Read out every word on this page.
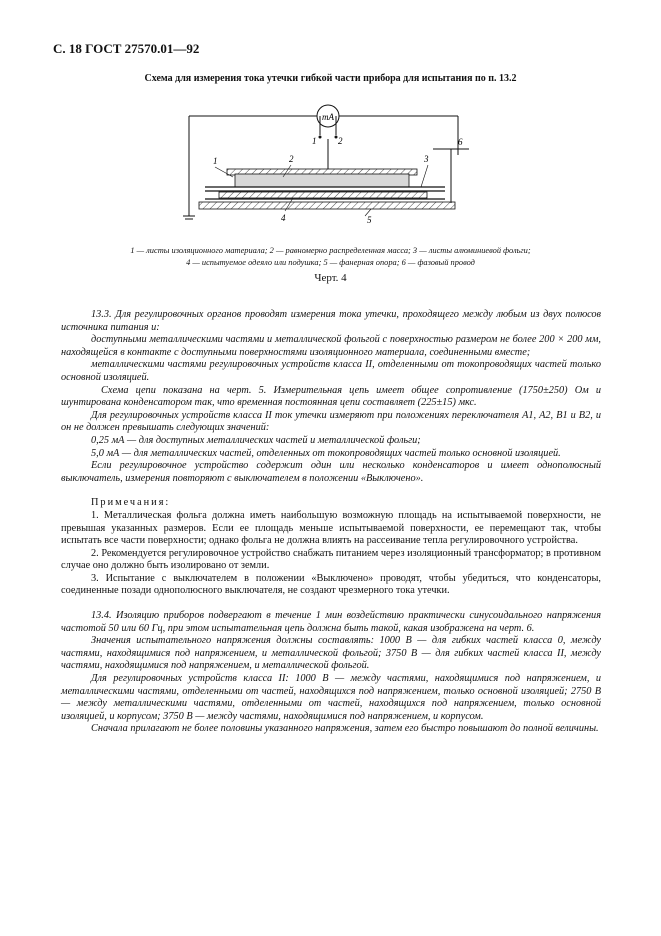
С. 18 ГОСТ 27570.01—92
Схема для измерения тока утечки гибкой части прибора для испытания по п. 13.2
mA
1 2	6
1	2	3
4	5
1 — листы изоляционного материала; 2 — равномерно распределенная масса; 3 — листы алюминиевой фольги;
4 — испытуемое одеяло или подушка; 5 — фанерная опора; 6 — фазовый провод
Черт. 4

13.3. Для регулировочных органов проводят измерения тока утечки, проходящего между любым из двух полюсов источника питания и:

доступными металлическими частями и металлической фольгой с поверхностью размером не более 200 × 200 мм, находящейся в контакте с доступными поверхностями изоляционного материала, соединенными вместе;

металлическими частями регулировочных устройств класса II, отделенными от токопроводящих частей только основной изоляцией.

Схема цепи показана на черт. 5. Измерительная цепь имеет общее сопротивление (1750±250) Ом и шунтирована конденсатором так, что временная постоянная цепи составляет (225±15) мкс.

Для регулировочных устройств класса II ток утечки измеряют при положениях переключателя А1, А2, В1 и В2, и он не должен превышать следующих значений:

0,25 мА — для доступных металлических частей и металлической фольги;

5,0 мА — для металлических частей, отделенных от токопроводящих частей только основной изоляцией.

Если регулировочное устройство содержит один или несколько конденсаторов и имеет однополюсный выключатель, измерения повторяют с выключателем в положении «Выключено».

Примечания:

1. Металлическая фольга должна иметь наибольшую возможную площадь на испытываемой поверхности, не превышая указанных размеров. Если ее площадь меньше испытываемой поверхности, ее перемещают так, чтобы испытать все части поверхности; однако фольга не должна влиять на рассеивание тепла регулировочного устройства.

2. Рекомендуется регулировочное устройство снабжать питанием через изоляционный трансформатор; в противном случае оно должно быть изолировано от земли.

3. Испытание с выключателем в положении «Выключено» проводят, чтобы убедиться, что конденсаторы, соединенные позади однополюсного выключателя, не создают чрезмерного тока утечки.

13.4. Изоляцию приборов подвергают в течение 1 мин воздействию практически синусоидального напряжения частотой 50 или 60 Гц, при этом испытательная цепь должна быть такой, какая изображена на черт. 6.

Значения испытательного напряжения должны составлять: 1000 В — для гибких частей класса 0, между частями, находящимися под напряжением, и металлической фольгой; 3750 В — для гибких частей класса II, между частями, находящимися под напряжением, и металлической фольгой.

Для регулировочных устройств класса II: 1000 В — между частями, находящимися под напряжением, и металлическими частями, отделенными от частей, находящихся под напряжением, только основной изоляцией; 2750 В — между металлическими частями, отделенными от частей, находящихся под напряжением, только основной изоляцией, и корпусом; 3750 В — между частями, находящимися под напряжением, и корпусом.

Сначала прилагают не более половины указанного напряжения, затем его быстро повышают до полной величины.
